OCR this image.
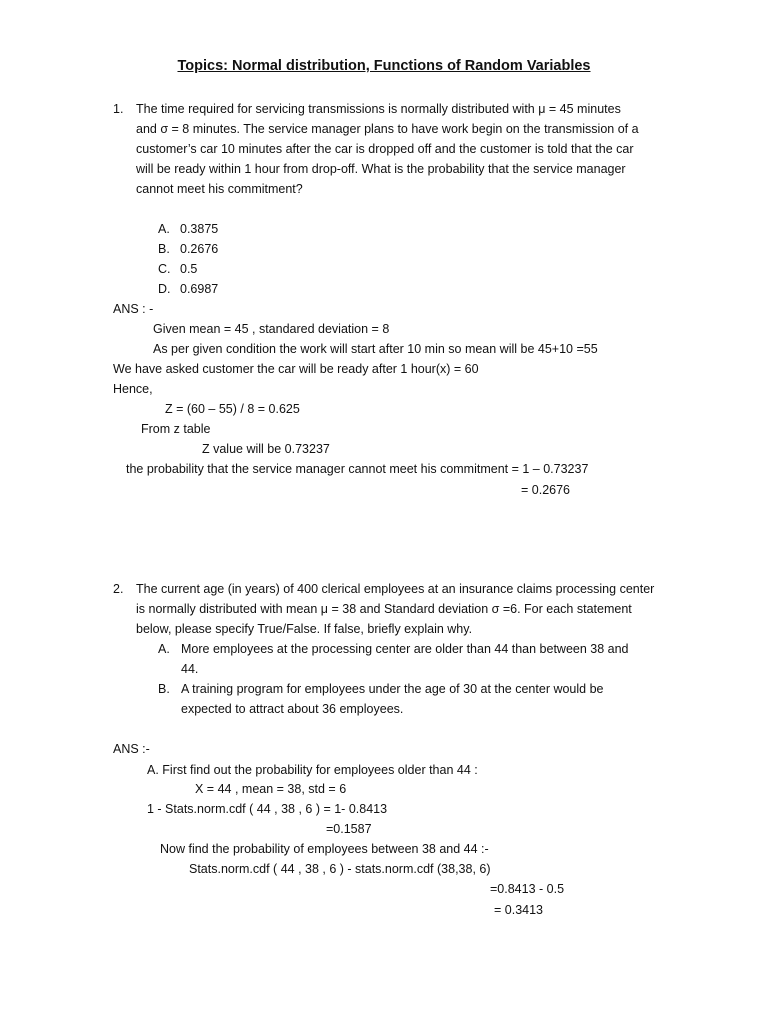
Topics: Normal distribution, Functions of Random Variables
1. The time required for servicing transmissions is normally distributed with μ = 45 minutes
and σ = 8 minutes. The service manager plans to have work begin on the transmission of a
customer’s car 10 minutes after the car is dropped off and the customer is told that the car
will be ready within 1 hour from drop-off. What is the probability that the service manager
cannot meet his commitment?
A. 0.3875
B. 0.2676
C. 0.5
D. 0.6987
ANS : -
Given mean = 45 , standared deviation = 8
As per given condition the work will start after 10 min so mean will be 45+10 =55
We have asked customer the car will be ready after 1 hour(x) = 60
Hence,
Z = (60 – 55) / 8 = 0.625
From z table
Z value will be 0.73237
the probability that the service manager cannot meet his commitment = 1 – 0.73237
= 0.2676
2. The current age (in years) of 400 clerical employees at an insurance claims processing center
is normally distributed with mean μ = 38 and Standard deviation σ =6. For each statement
below, please specify True/False. If false, briefly explain why.
A. More employees at the processing center are older than 44 than between 38 and
44.
B. A training program for employees under the age of 30 at the center would be
expected to attract about 36 employees.
ANS :-
A. First find out the probability for employees older than 44 :
X = 44 , mean = 38, std = 6
1 - Stats.norm.cdf ( 44 , 38 , 6 ) = 1- 0.8413
=0.1587
Now find the probability of employees between 38 and 44 :-
Stats.norm.cdf ( 44 , 38 , 6 ) - stats.norm.cdf (38,38, 6)
=0.8413 - 0.5
= 0.3413
